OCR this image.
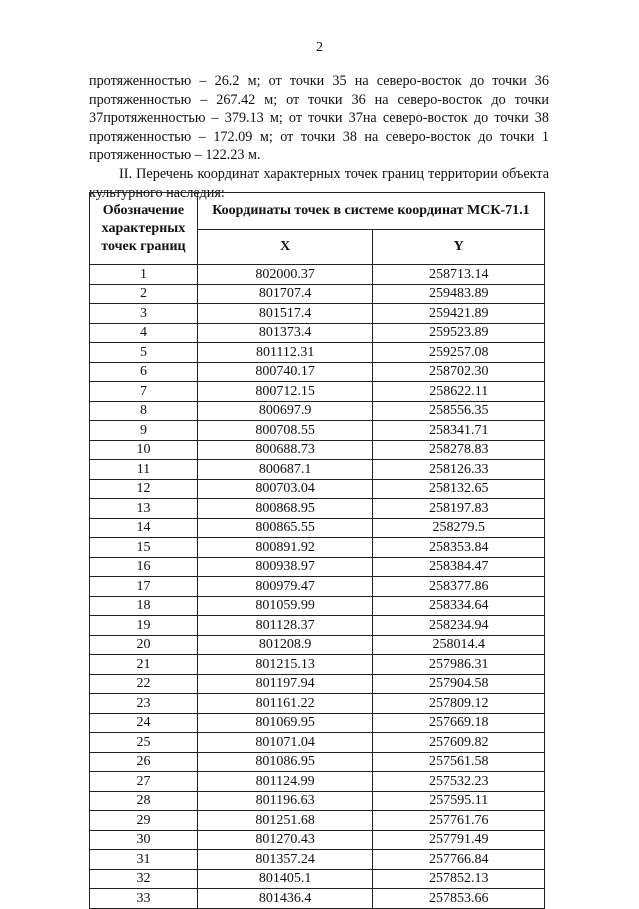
2

протяженностью – 26.2 м; от точки 35 на северо-восток до точки 36
протяженностью – 267.42 м; от точки 36 на северо-восток до точки
37протяженностью – 379.13 м; от точки 37на северо-восток до точки 38
протяженностью – 172.09 м; от точки 38 на северо-восток до точки 1

протяженностью – 122.23 м.

II. Перечень координат характерных точек границ территории объекта культурного наследия:

Обозначение характерных точек границ	Координаты точек в системе координат МСК-71.1	
	X	Y
1	802000.37	258713.14
2	801707.4	259483.89
3	801517.4	259421.89
4	801373.4	259523.89
5	801112.31	259257.08
6	800740.17	258702.30
7	800712.15	258622.11
8	800697.9	258556.35
9	800708.55	258341.71
10	800688.73	258278.83
11	800687.1	258126.33
12	800703.04	258132.65
13	800868.95	258197.83
14	800865.55	258279.5
15	800891.92	258353.84
16	800938.97	258384.47
17	800979.47	258377.86
18	801059.99	258334.64
19	801128.37	258234.94
20	801208.9	258014.4
21	801215.13	257986.31
22	801197.94	257904.58
23	801161.22	257809.12
24	801069.95	257669.18
25	801071.04	257609.82
26	801086.95	257561.58
27	801124.99	257532.23
28	801196.63	257595.11
29	801251.68	257761.76
30	801270.43	257791.49
31	801357.24	257766.84
32	801405.1	257852.13
33	801436.4	257853.66
